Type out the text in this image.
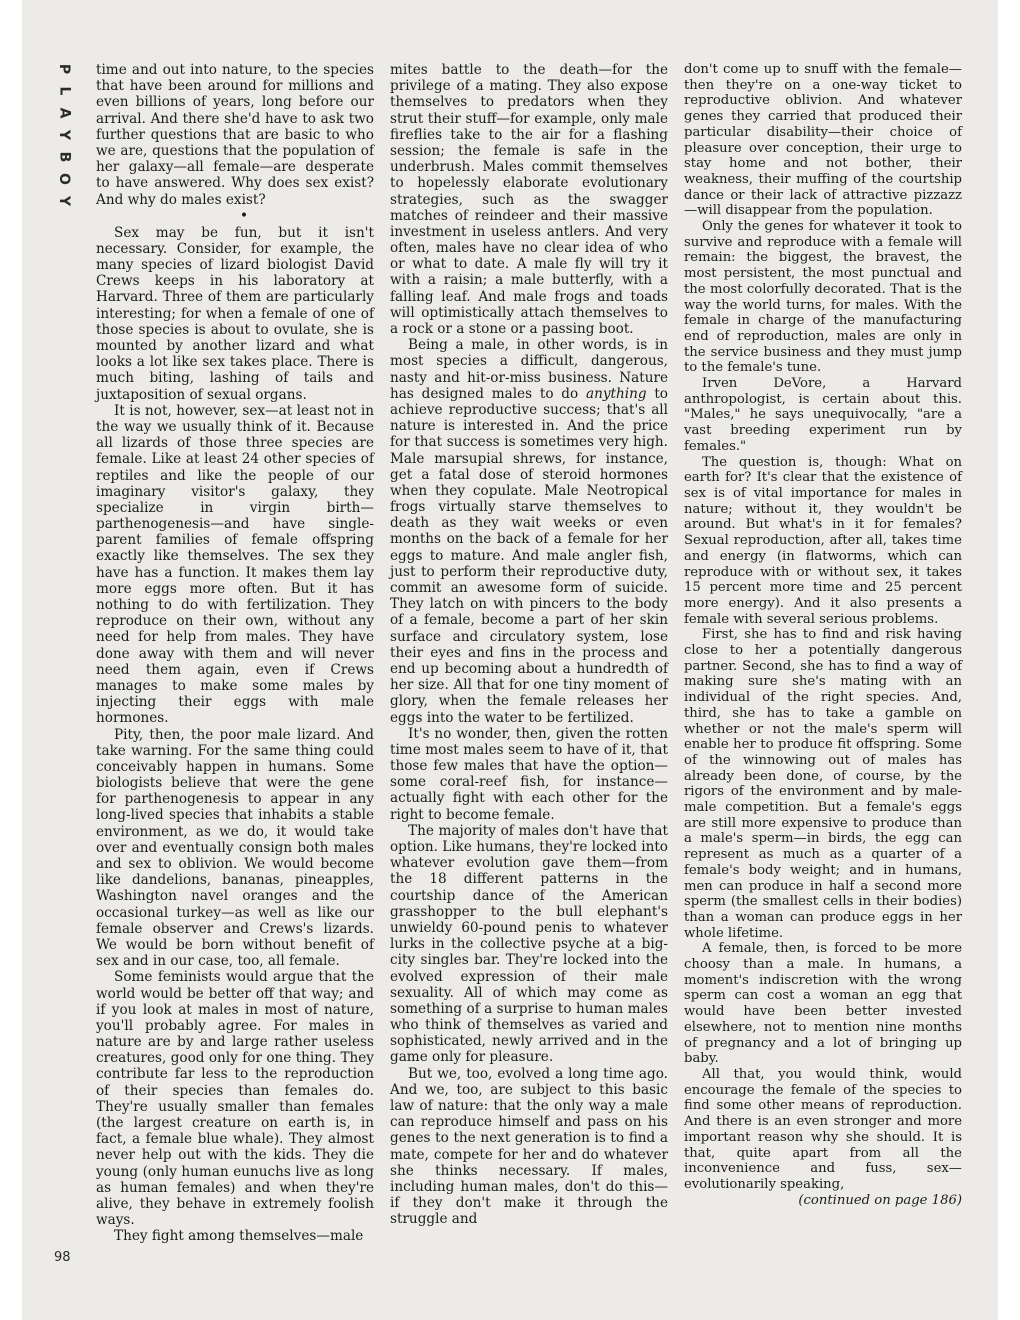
P
L
A
Y
B
O
Y

time and out into nature, to the species that have been around for millions and even billions of years, long before our arrival. And there she'd have to ask two further questions that are basic to who we are, questions that the population of her galaxy—all female—are desperate to have answered. Why does sex exist? And why do males exist?

•

Sex may be fun, but it isn't necessary. Consider, for example, the many species of lizard biologist David Crews keeps in his laboratory at Harvard. Three of them are particularly interesting; for when a female of one of those species is about to ovulate, she is mounted by another lizard and what looks a lot like sex takes place. There is much biting, lashing of tails and juxtaposition of sexual organs.

It is not, however, sex—at least not in the way we usually think of it. Because all lizards of those three species are female. Like at least 24 other species of reptiles and like the people of our imaginary visitor's galaxy, they specialize in virgin birth—parthenogenesis—and have single-parent families of female offspring exactly like themselves. The sex they have has a function. It makes them lay more eggs more often. But it has nothing to do with fertilization. They reproduce on their own, without any need for help from males. They have done away with them and will never need them again, even if Crews manages to make some males by injecting their eggs with male hormones.

Pity, then, the poor male lizard. And take warning. For the same thing could conceivably happen in humans. Some biologists believe that were the gene for parthenogenesis to appear in any long-lived species that inhabits a stable environment, as we do, it would take over and eventually consign both males and sex to oblivion. We would become like dandelions, bananas, pineapples, Washington navel oranges and the occasional turkey—as well as like our female observer and Crews's lizards. We would be born without benefit of sex and in our case, too, all female.

Some feminists would argue that the world would be better off that way; and if you look at males in most of nature, you'll probably agree. For males in nature are by and large rather useless creatures, good only for one thing. They contribute far less to the reproduction of their species than females do. They're usually smaller than females (the largest creature on earth is, in fact, a female blue whale). They almost never help out with the kids. They die young (only human eunuchs live as long as human females) and when they're alive, they behave in extremely foolish ways.

They fight among themselves—male

mites battle to the death—for the privilege of a mating. They also expose themselves to predators when they strut their stuff—for example, only male fireflies take to the air for a flashing session; the female is safe in the underbrush. Males commit themselves to hopelessly elaborate evolutionary strategies, such as the swagger matches of reindeer and their massive investment in useless antlers. And very often, males have no clear idea of who or what to date. A male fly will try it with a raisin; a male butterfly, with a falling leaf. And male frogs and toads will optimistically attach themselves to a rock or a stone or a passing boot.

Being a male, in other words, is in most species a difficult, dangerous, nasty and hit-or-miss business. Nature has designed males to do anything to achieve reproductive success; that's all nature is interested in. And the price for that success is sometimes very high. Male marsupial shrews, for instance, get a fatal dose of steroid hormones when they copulate. Male Neotropical frogs virtually starve themselves to death as they wait weeks or even months on the back of a female for her eggs to mature. And male angler fish, just to perform their reproductive duty, commit an awesome form of suicide. They latch on with pincers to the body of a female, become a part of her skin surface and circulatory system, lose their eyes and fins in the process and end up becoming about a hundredth of her size. All that for one tiny moment of glory, when the female releases her eggs into the water to be fertilized.

It's no wonder, then, given the rotten time most males seem to have of it, that those few males that have the option—some coral-reef fish, for instance—actually fight with each other for the right to become female.

The majority of males don't have that option. Like humans, they're locked into whatever evolution gave them—from the 18 different patterns in the courtship dance of the American grasshopper to the bull elephant's unwieldy 60-pound penis to whatever lurks in the collective psyche at a big-city singles bar. They're locked into the evolved expression of their male sexuality. All of which may come as something of a surprise to human males who think of themselves as varied and sophisticated, newly arrived and in the game only for pleasure.

But we, too, evolved a long time ago. And we, too, are subject to this basic law of nature: that the only way a male can reproduce himself and pass on his genes to the next generation is to find a mate, compete for her and do whatever she thinks necessary. If males, including human males, don't do this—if they don't make it through the struggle and

don't come up to snuff with the female—then they're on a one-way ticket to reproductive oblivion. And whatever genes they carried that produced their particular disability—their choice of pleasure over conception, their urge to stay home and not bother, their weakness, their muffing of the courtship dance or their lack of attractive pizzazz—will disappear from the population.

Only the genes for whatever it took to survive and reproduce with a female will remain: the biggest, the bravest, the most persistent, the most punctual and the most colorfully decorated. That is the way the world turns, for males. With the female in charge of the manufacturing end of reproduction, males are only in the service business and they must jump to the female's tune.

Irven DeVore, a Harvard anthropologist, is certain about this. "Males," he says unequivocally, "are a vast breeding experiment run by females."

The question is, though: What on earth for? It's clear that the existence of sex is of vital importance for males in nature; without it, they wouldn't be around. But what's in it for females? Sexual reproduction, after all, takes time and energy (in flatworms, which can reproduce with or without sex, it takes 15 percent more time and 25 percent more energy). And it also presents a female with several serious problems.

First, she has to find and risk having close to her a potentially dangerous partner. Second, she has to find a way of making sure she's mating with an individual of the right species. And, third, she has to take a gamble on whether or not the male's sperm will enable her to produce fit offspring. Some of the winnowing out of males has already been done, of course, by the rigors of the environment and by male-male competition. But a female's eggs are still more expensive to produce than a male's sperm—in birds, the egg can represent as much as a quarter of a female's body weight; and in humans, men can produce in half a second more sperm (the smallest cells in their bodies) than a woman can produce eggs in her whole lifetime.

A female, then, is forced to be more choosy than a male. In humans, a moment's indiscretion with the wrong sperm can cost a woman an egg that would have been better invested elsewhere, not to mention nine months of pregnancy and a lot of bringing up baby.

All that, you would think, would encourage the female of the species to find some other means of reproduction. And there is an even stronger and more important reason why she should. It is that, quite apart from all the inconvenience and fuss, sex—evolutionarily speaking,

(continued on page 186)
98
